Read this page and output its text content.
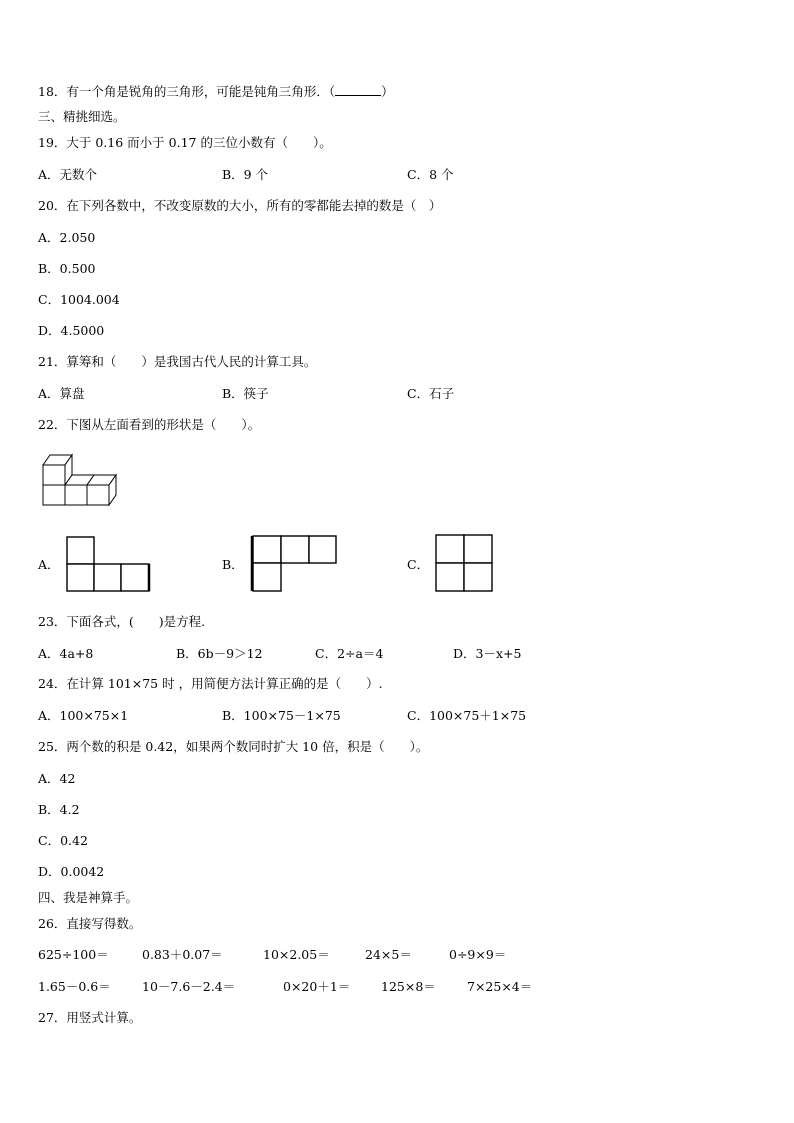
18．有一个角是锐角的三角形，可能是钝角三角形．（	）
三、精挑细选。
19．大于 0.16 而小于 0.17 的三位小数有（　　）。
A．无数个	B．9 个	C．8 个
20．在下列各数中，不改变原数的大小，所有的零都能去掉的数是（　）
A．2.050
B．0.500
C．1004.004
D．4.5000
21．算筹和（　　）是我国古代人民的计算工具。
A．算盘	B．筷子	C．石子
22．下图从左面看到的形状是（　　）。
A．	B．	C．
23．下面各式，(　　)是方程.
A．4a+8	B．6b－9＞12	C．2÷a＝4	D．3－x+5
24．在计算 101×75 时 ，用简便方法计算正确的是（　　）.
A．100×75×1	B．100×75－1×75	C．100×75＋1×75
25．两个数的积是 0.42，如果两个数同时扩大 10 倍，积是（　　）。
A．42
B．4.2
C．0.42
D．0.0042
四、我是神算手。
26．直接写得数。
625÷100＝	0.83＋0.07＝	10×2.05＝	24×5＝	0÷9×9＝
1.65－0.6＝	10－7.6－2.4＝	0×20＋1＝ 125×8＝ 7×25×4＝
27．用竖式计算。
